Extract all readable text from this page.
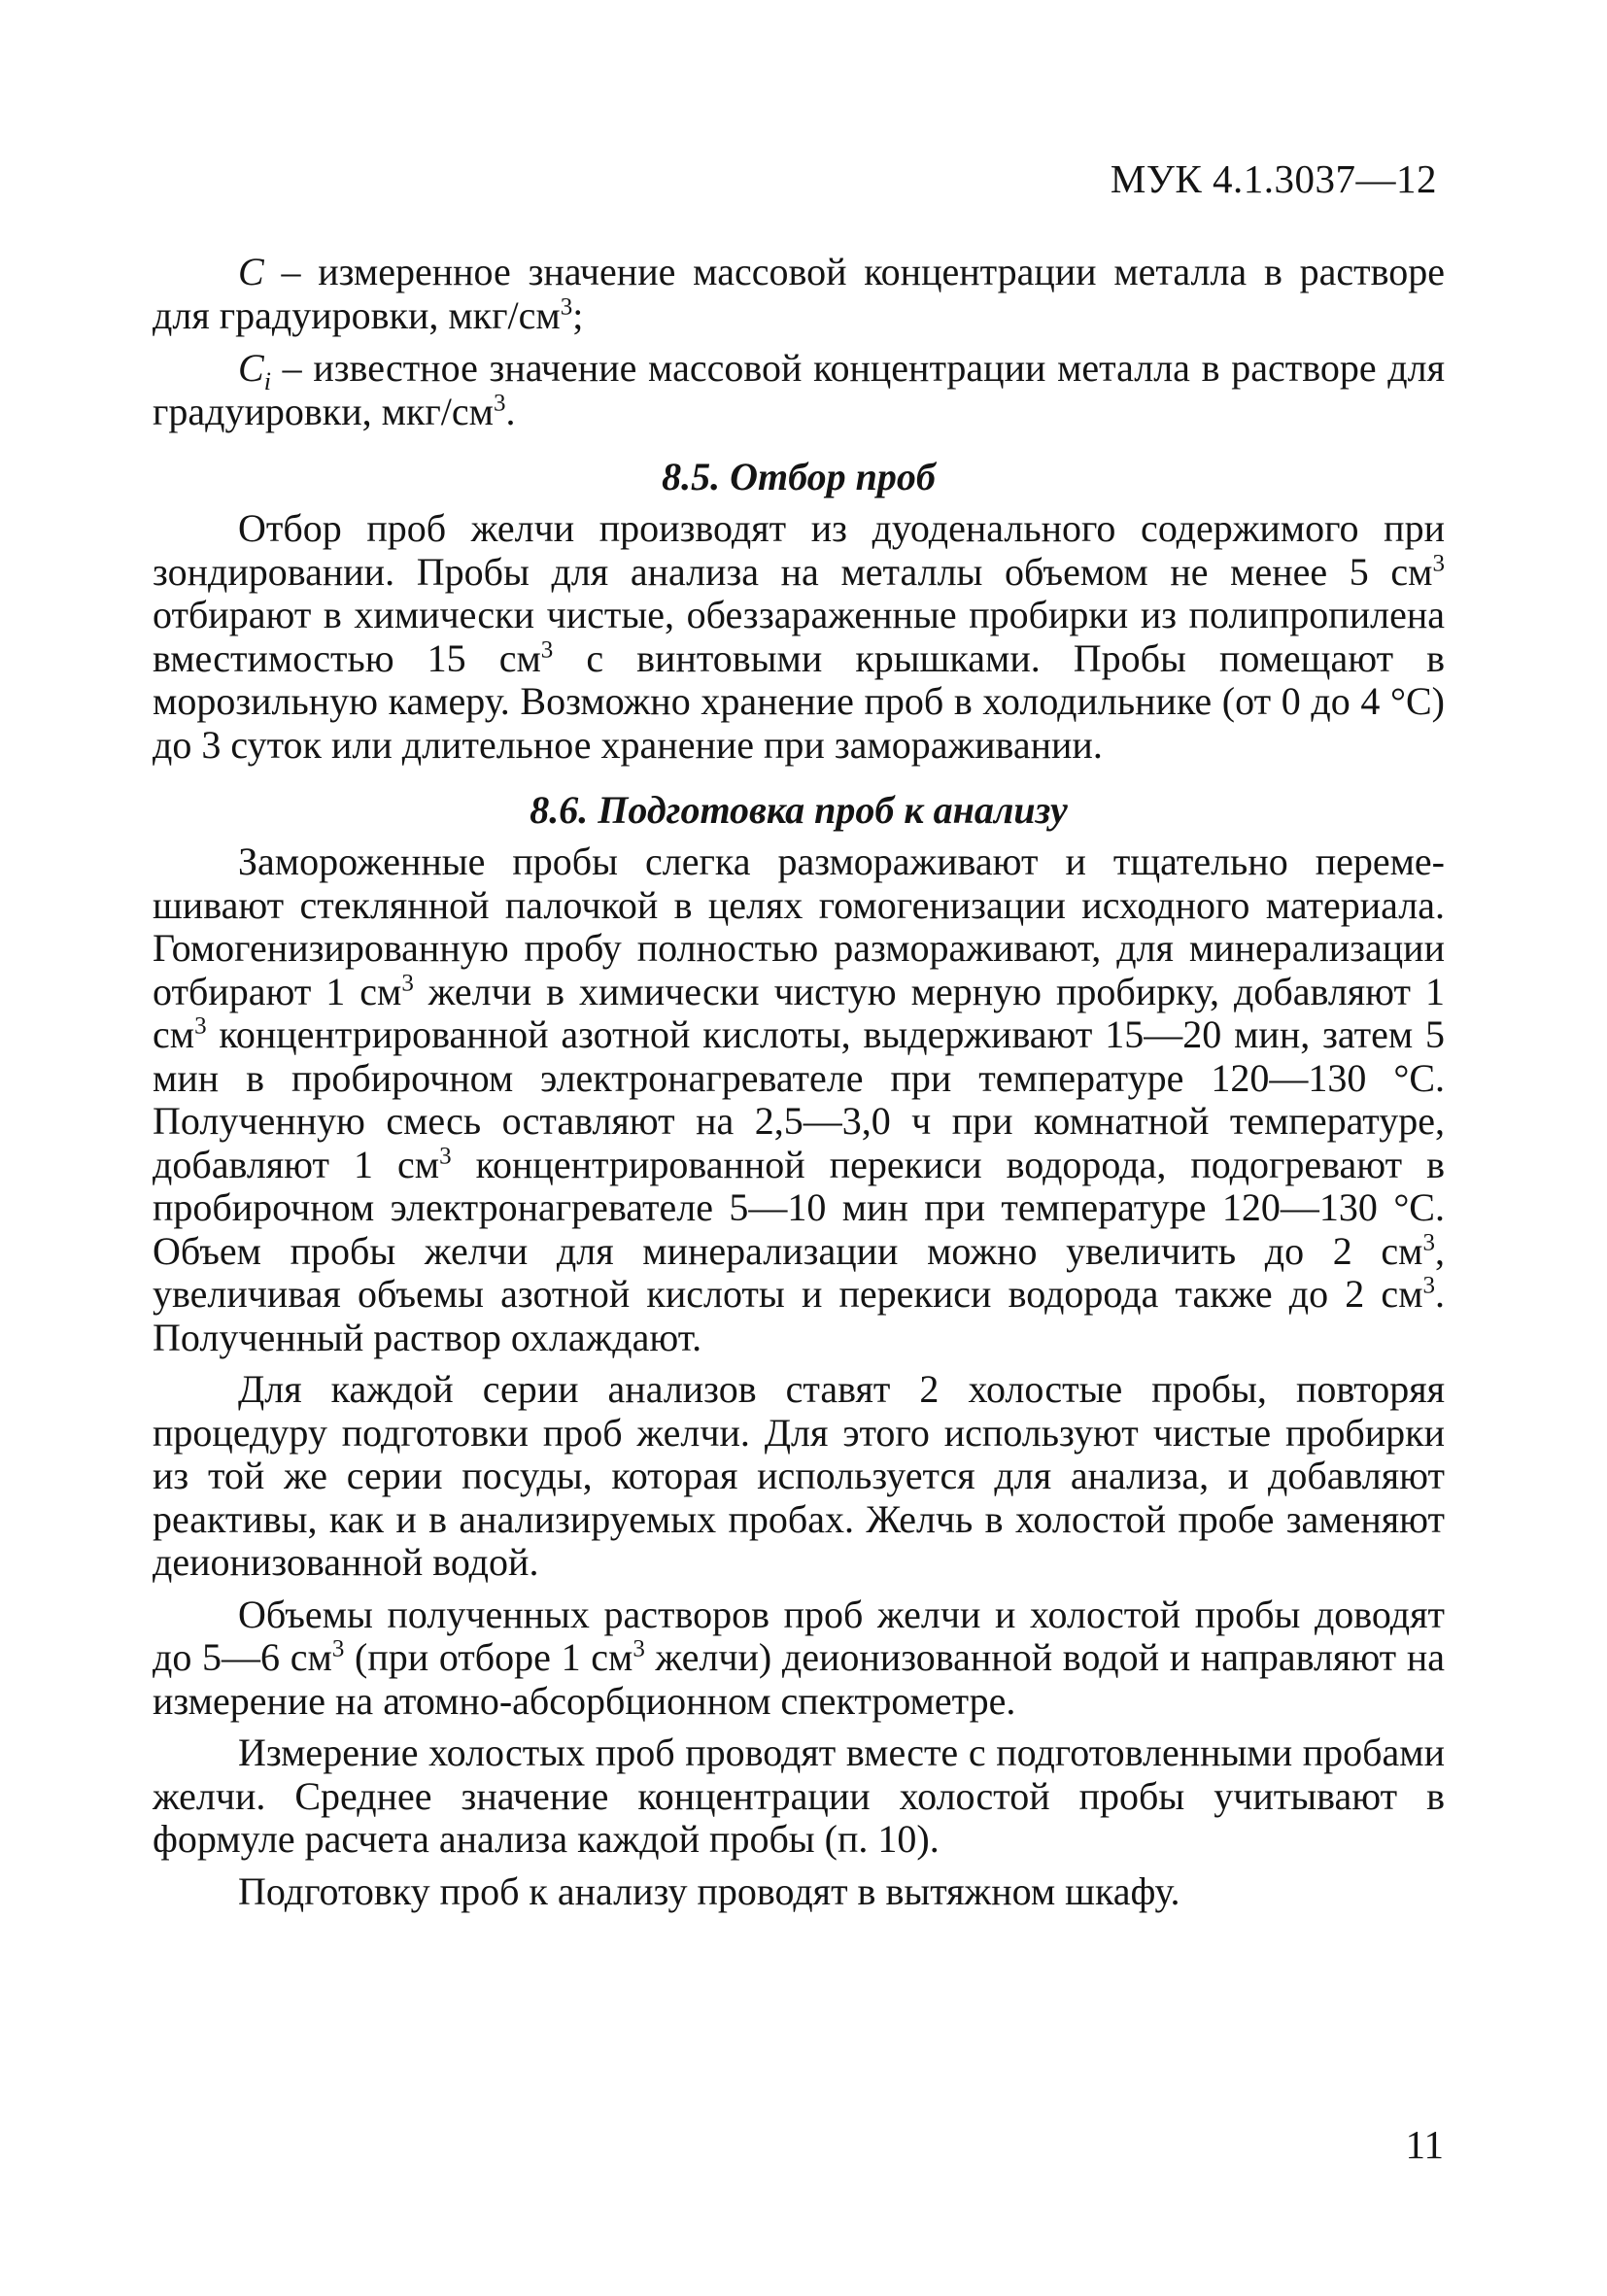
МУК 4.1.3037—12

C – измеренное значение массовой концентрации металла в растворе для градуировки, мкг/$см^3$;

$C_i$ – известное значение массовой концентрации металла в растворе для градуировки, мкг/$см^3$.

8.5. Отбор проб

Отбор проб желчи производят из дуоденального содержимого при зондировании. Пробы для анализа на металлы объемом не менее 5 $см^3$ отбирают в химически чистые, обеззараженные пробирки из полипропилена вместимостью 15 $см^3$ с винтовыми крышками. Пробы помещают в морозильную камеру. Возможно хранение проб в холодильнике (от 0 до 4 °С) до 3 суток или длительное хранение при замораживании.

8.6. Подготовка проб к анализу

Замороженные пробы слегка размораживают и тщательно перемешивают стеклянной палочкой в целях гомогенизации исходного материала. Гомогенизированную пробу полностью размораживают, для минерализации отбирают 1 $см^3$ желчи в химически чистую мерную пробирку, добавляют 1 $см^3$ концентрированной азотной кислоты, выдерживают 15—20 мин, затем 5 мин в пробирочном электронагревателе при температуре 120—130 °С. Полученную смесь оставляют на 2,5—3,0 ч при комнатной температуре, добавляют 1 $см^3$ концентрированной перекиси водорода, подогревают в пробирочном электронагревателе 5—10 мин при температуре 120—130 °С. Объем пробы желчи для минерализации можно увеличить до 2 $см^3$, увеличивая объемы азотной кислоты и перекиси водорода также до 2 $см^3$. Полученный раствор охлаждают.

Для каждой серии анализов ставят 2 холостые пробы, повторяя процедуру подготовки проб желчи. Для этого используют чистые пробирки из той же серии посуды, которая используется для анализа, и добавляют реактивы, как и в анализируемых пробах. Желчь в холостой пробе заменяют деионизованной водой.

Объемы полученных растворов проб желчи и холостой пробы доводят до 5—6 $см^3$ (при отборе 1 $см^3$ желчи) деионизованной водой и направляют на измерение на атомно-абсорбционном спектрометре.

Измерение холостых проб проводят вместе с подготовленными пробами желчи. Среднее значение концентрации холостой пробы учитывают в формуле расчета анализа каждой пробы (п. 10).

Подготовку проб к анализу проводят в вытяжном шкафу.

11
